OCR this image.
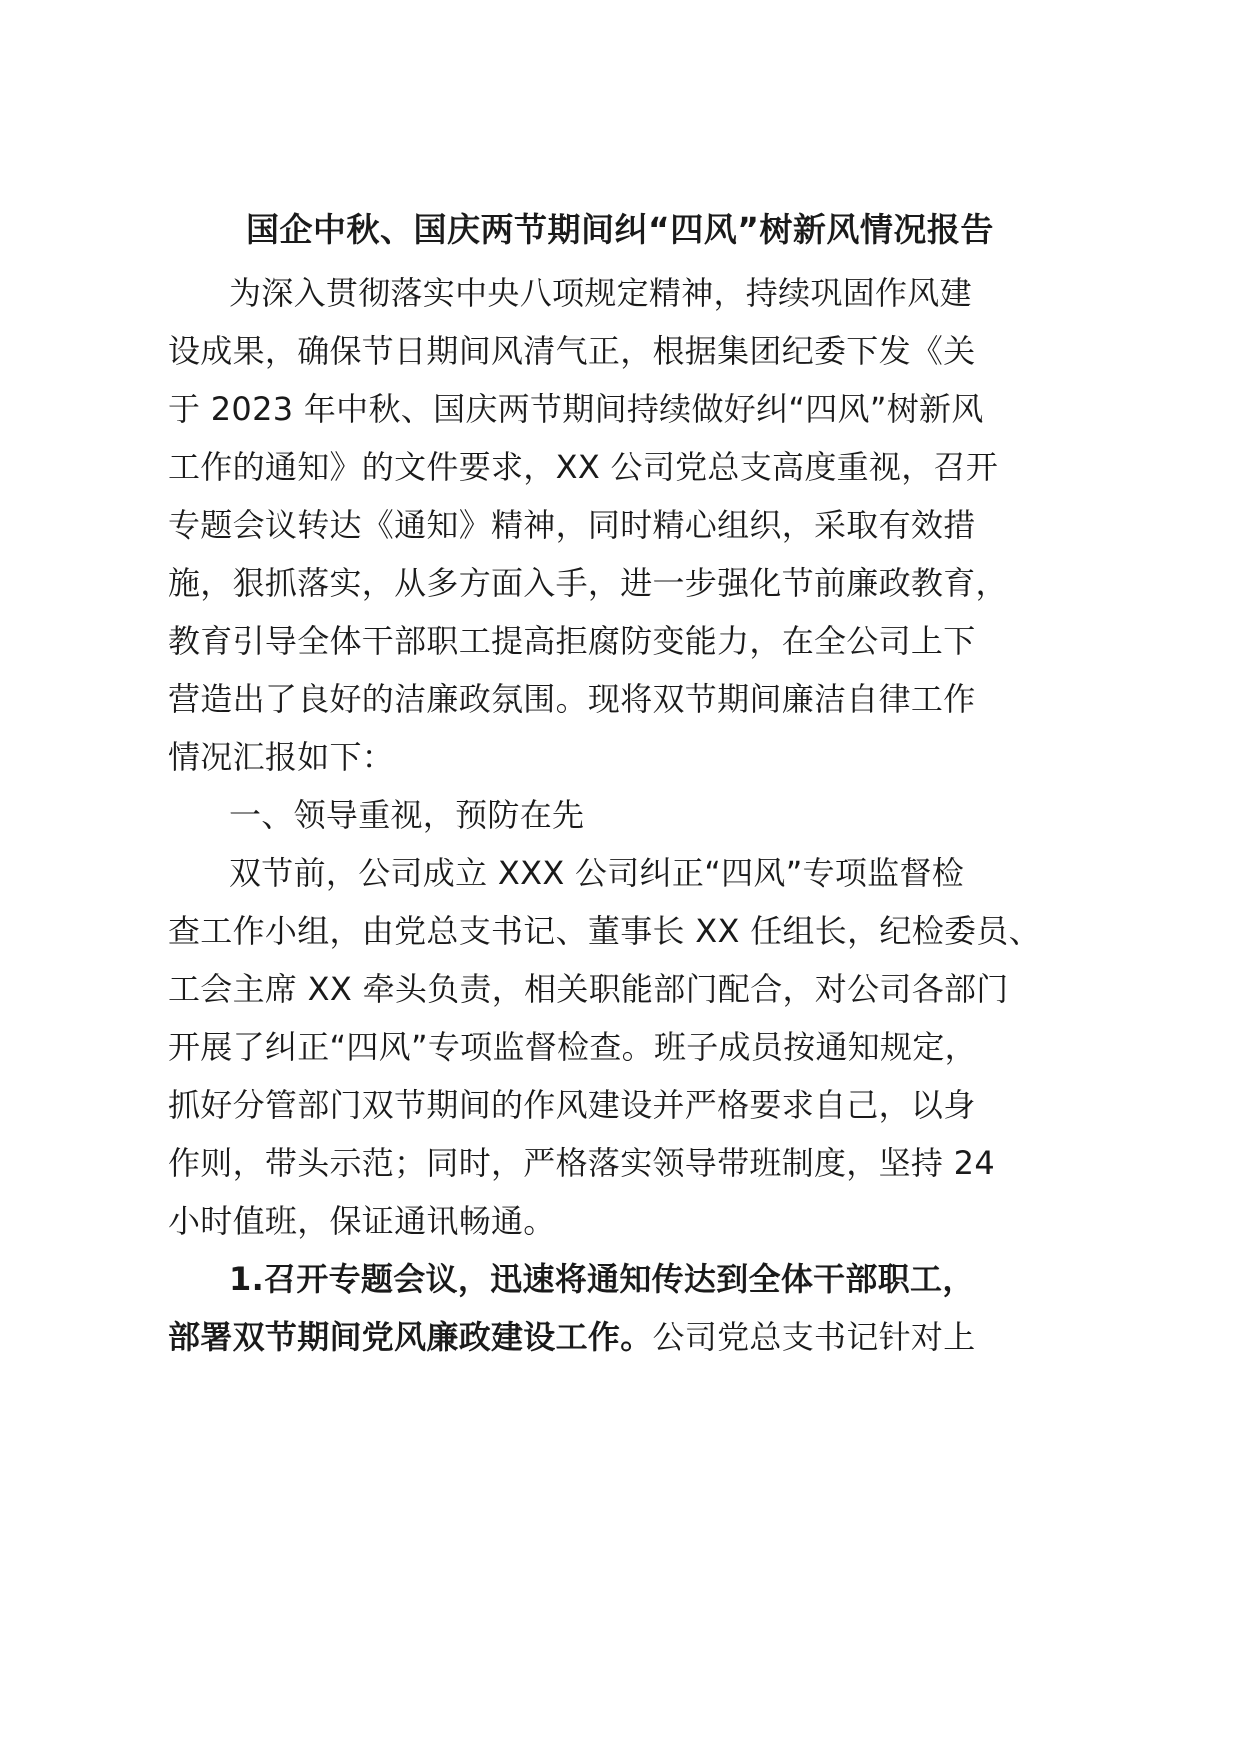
国企中秋、国庆两节期间纠“四风”树新风情况报告
为深入贯彻落实中央八项规定精神，持续巩固作风建
设成果，确保节日期间风清气正，根据集团纪委下发《关
于 2023 年中秋、国庆两节期间持续做好纠“四风”树新风
工作的通知》的文件要求，XX 公司党总支高度重视，召开
专题会议转达《通知》精神，同时精心组织，采取有效措
施，狠抓落实，从多方面入手，进一步强化节前廉政教育，
教育引导全体干部职工提高拒腐防变能力，在全公司上下
营造出了良好的洁廉政氛围。现将双节期间廉洁自律工作
情况汇报如下：
一、领导重视，预防在先
双节前，公司成立 XXX 公司纠正“四风”专项监督检
查工作小组，由党总支书记、董事长 XX 任组长，纪检委员、
工会主席 XX 牵头负责，相关职能部门配合，对公司各部门
开展了纠正“四风”专项监督检查。班子成员按通知规定，
抓好分管部门双节期间的作风建设并严格要求自己，以身
作则，带头示范；同时，严格落实领导带班制度，坚持 24
小时值班，保证通讯畅通。
1.召开专题会议，迅速将通知传达到全体干部职工，
部署双节期间党风廉政建设工作。公司党总支书记针对上
